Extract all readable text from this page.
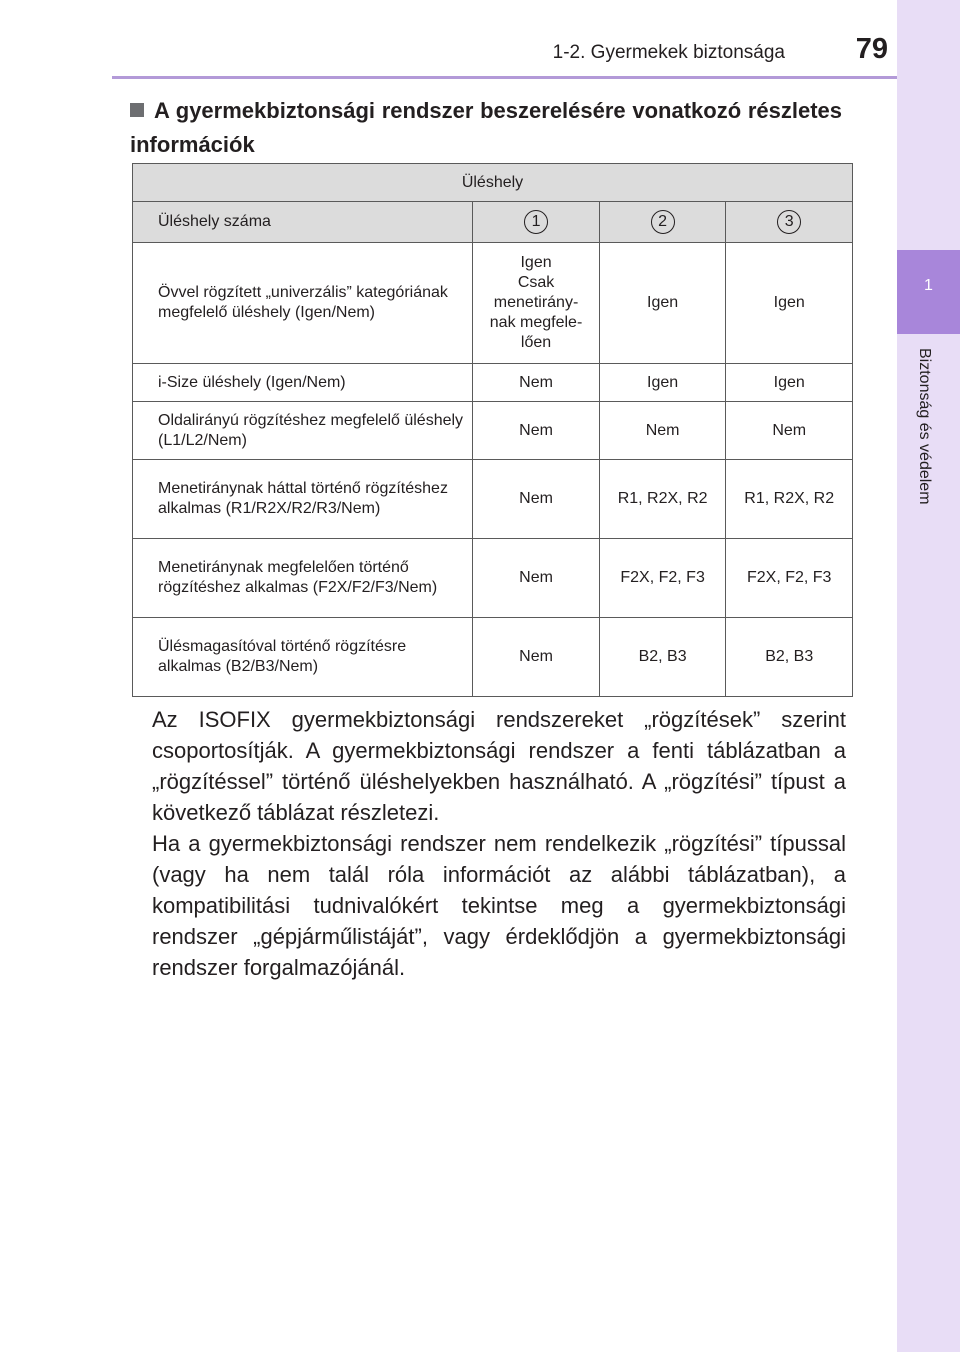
1
Biztonság és védelem
1-2. Gyermekek biztonsága	79
A gyermekbiztonsági rendszer beszerelésére vonatkozó részletes információk
Üléshely			
Üléshely száma	1	2	3
Övvel rögzített „univerzális” kategóriának megfelelő üléshely (Igen/Nem)	Igen
Csak
menetirány-
nak megfele-
lően	Igen	Igen
i-Size üléshely (Igen/Nem)	Nem	Igen	Igen
Oldalirányú rögzítéshez megfelelő üléshely (L1/L2/Nem)	Nem	Nem	Nem
Menetiránynak háttal történő rögzítéshez alkalmas (R1/R2X/R2/R3/Nem)	Nem	R1, R2X, R2	R1, R2X, R2
Menetiránynak megfelelően történő rögzítéshez alkalmas (F2X/F2/F3/Nem)	Nem	F2X, F2, F3	F2X, F2, F3
Ülésmagasítóval történő rögzítésre alkalmas (B2/B3/Nem)	Nem	B2, B3	B2, B3

Az ISOFIX gyermekbiztonsági rendszereket „rögzítések” szerint csoportosítják. A gyermekbiztonsági rendszer a fenti táblázatban a „rögzítéssel” történő üléshelyekben használható. A „rögzítési” típust a következő táblázat részletezi.

Ha a gyermekbiztonsági rendszer nem rendelkezik „rögzítési” típussal (vagy ha nem talál róla információt az alábbi táblázatban), a kompatibilitási tudnivalókért tekintse meg a gyermekbiztonsági rendszer „gépjárműlistáját”, vagy érdeklődjön a gyermekbiztonsági rendszer forgalmazójánál.
